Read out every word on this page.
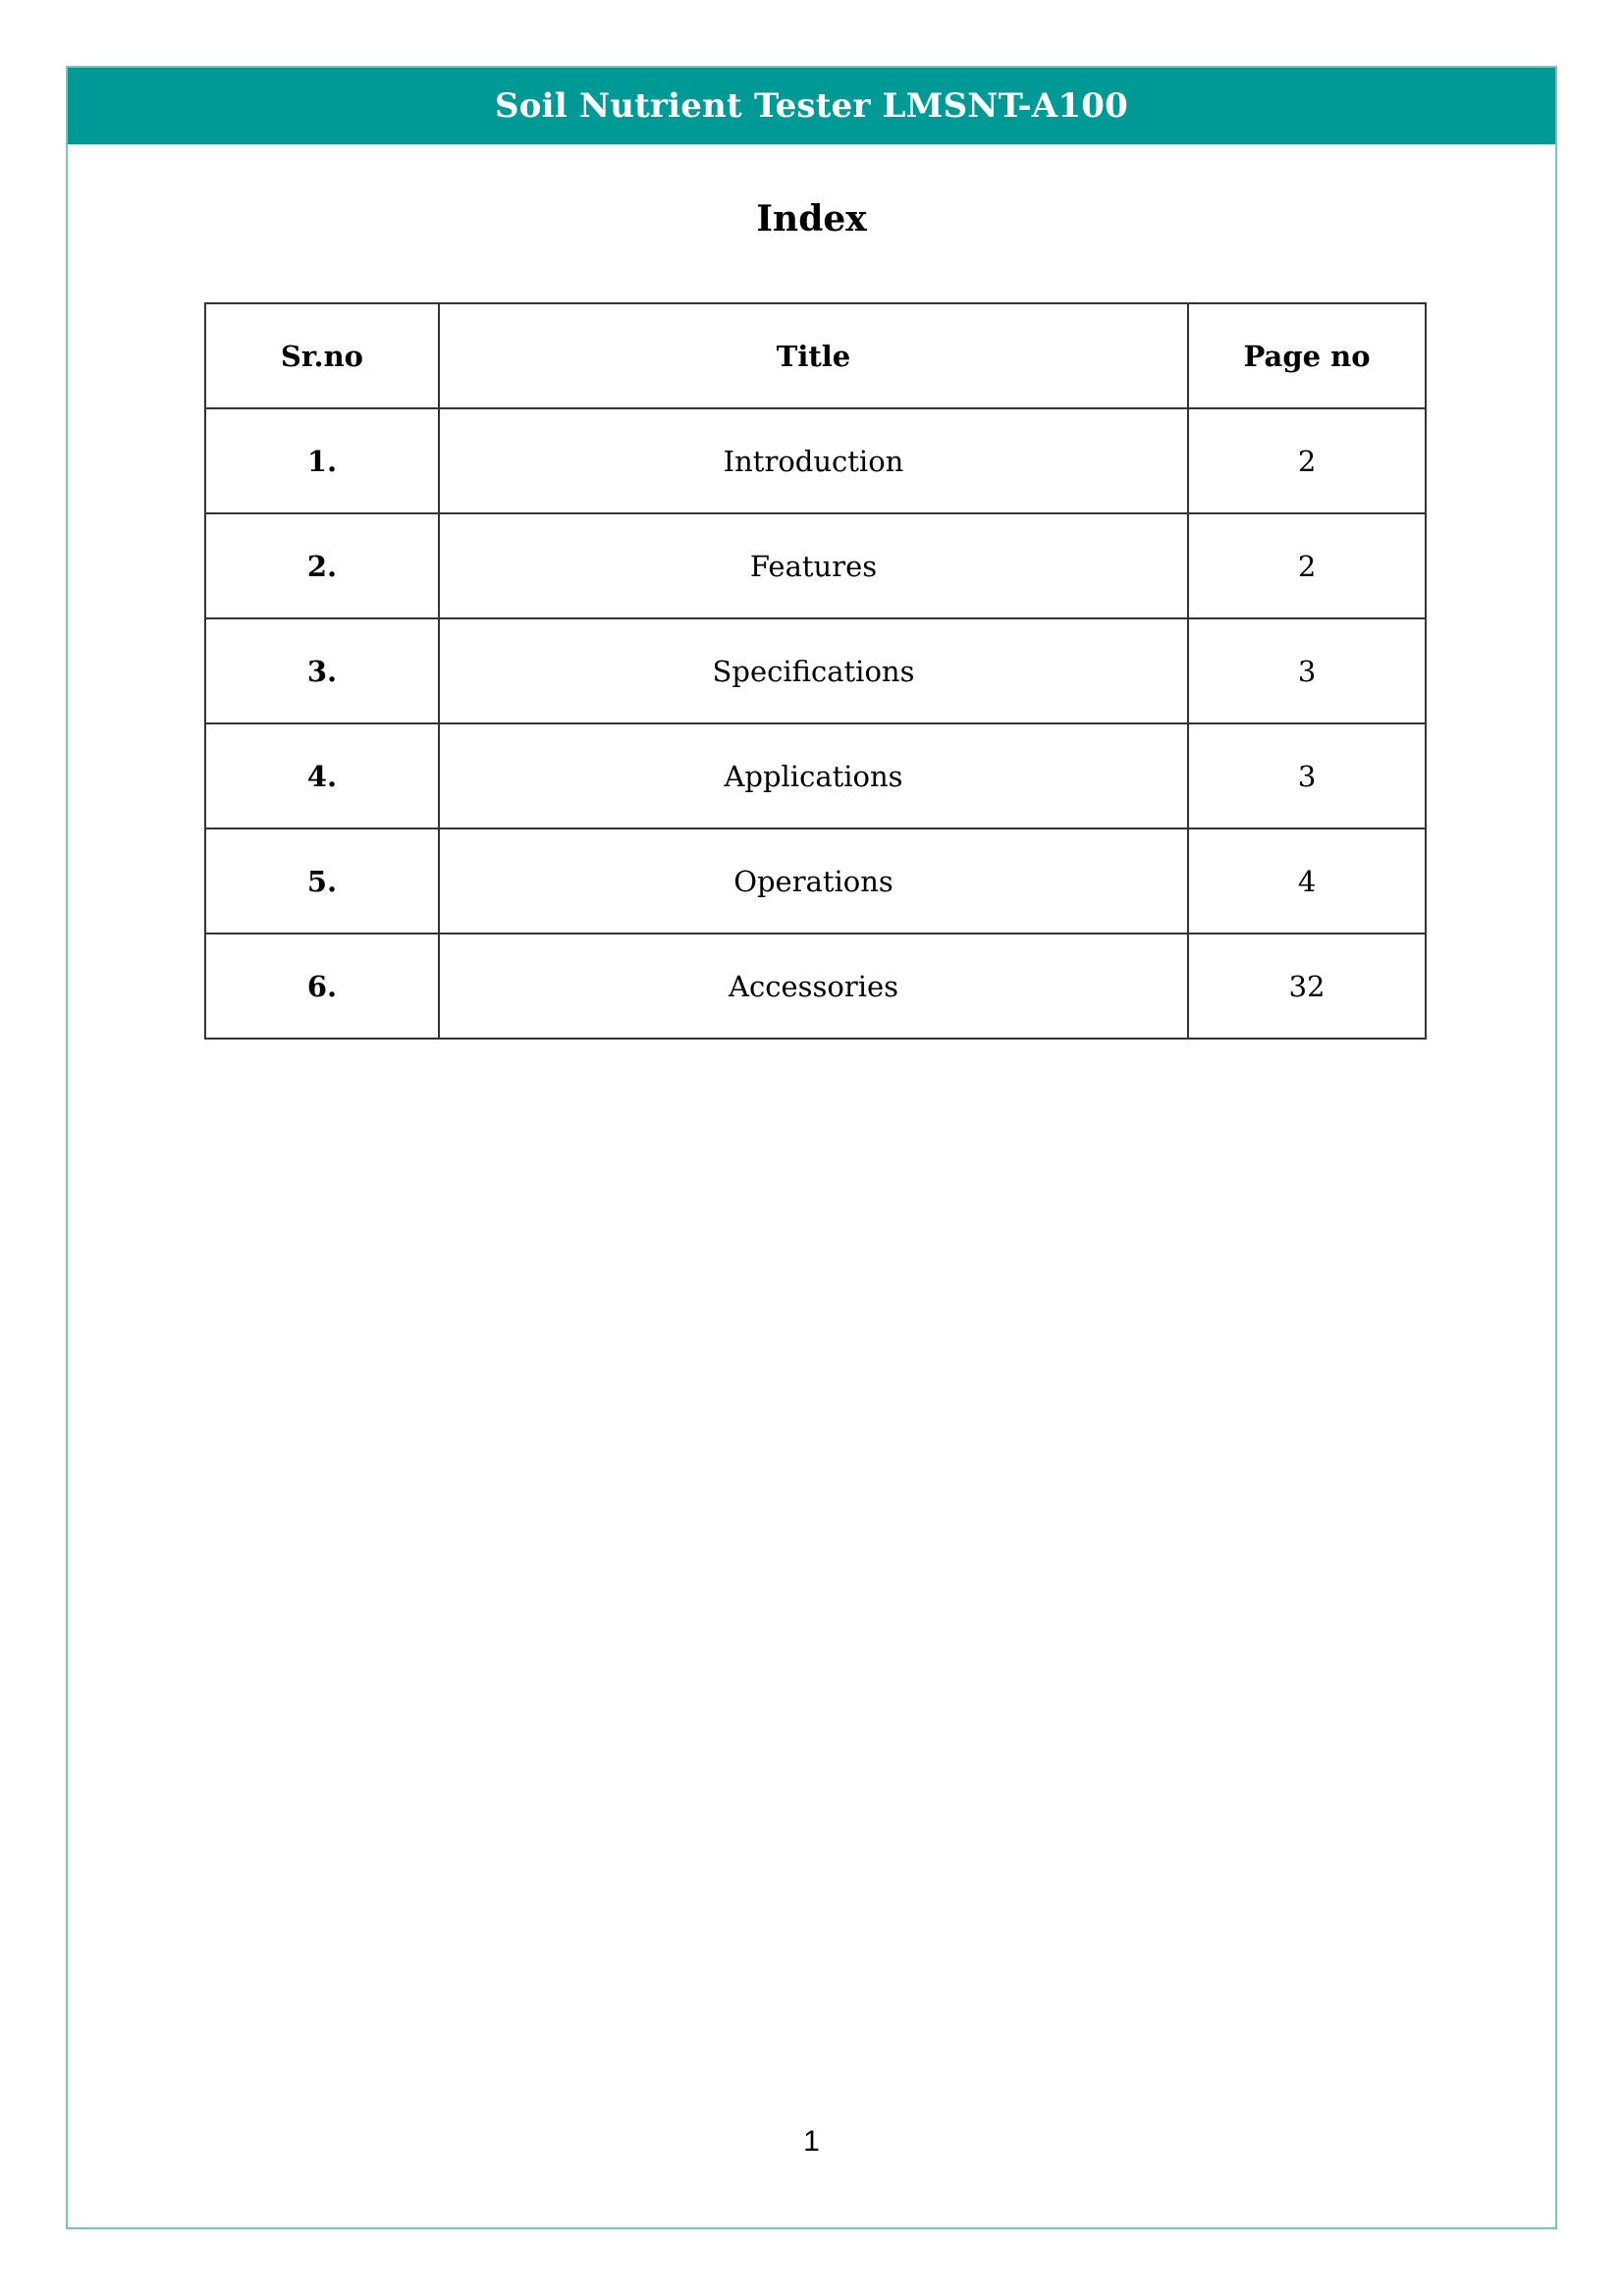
Soil Nutrient Tester LMSNT-A100
Index
Sr.no	Title	Page no
1.	Introduction	2
2.	Features	2
3.	Specifications	3
4.	Applications	3
5.	Operations	4
6.	Accessories	32
1
